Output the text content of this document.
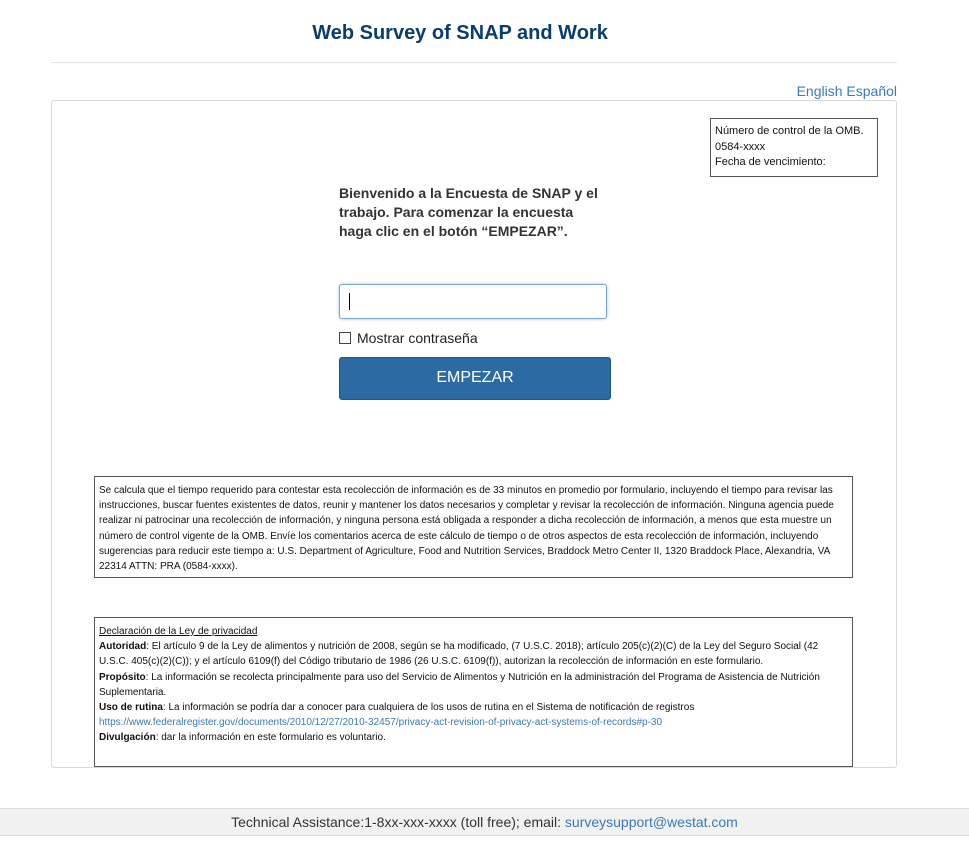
Web Survey of SNAP and Work
English Español
Número de control de la OMB.
0584-xxxx
Fecha de vencimiento:
Bienvenido a la Encuesta de SNAP y el trabajo. Para comenzar la encuesta haga clic en el botón “EMPEZAR”.
Mostrar contraseña
EMPEZAR
Se calcula que el tiempo requerido para contestar esta recolección de información es de 33 minutos en promedio por formulario, incluyendo el tiempo para revisar las instrucciones, buscar fuentes existentes de datos, reunir y mantener los datos necesarios y completar y revisar la recolección de información. Ninguna agencia puede realizar ni patrocinar una recolección de información, y ninguna persona está obligada a responder a dicha recolección de información, a menos que esta muestre un número de control vigente de la OMB. Envíe los comentarios acerca de este cálculo de tiempo o de otros aspectos de esta recolección de información, incluyendo sugerencias para reducir este tiempo a: U.S. Department of Agriculture, Food and Nutrition Services, Braddock Metro Center II, 1320 Braddock Place, Alexandria, VA 22314 ATTN: PRA (0584-xxxx).
Declaración de la Ley de privacidad
Autoridad: El artículo 9 de la Ley de alimentos y nutrición de 2008, según se ha modificado, (7 U.S.C. 2018); artículo 205(c)(2)(C) de la Ley del Seguro Social (42 U.S.C. 405(c)(2)(C)); y el artículo 6109(f) del Código tributario de 1986 (26 U.S.C. 6109(f)), autorizan la recolección de información en este formulario.
Propósito: La información se recolecta principalmente para uso del Servicio de Alimentos y Nutrición en la administración del Programa de Asistencia de Nutrición Suplementaria.
Uso de rutina: La información se podría dar a conocer para cualquiera de los usos de rutina en el Sistema de notificación de registros
https://www.federalregister.gov/documents/2010/12/27/2010-32457/privacy-act-revision-of-privacy-act-systems-of-records#p-30
Divulgación: dar la información en este formulario es voluntario.
Technical Assistance:1-8xx-xxx-xxxx (toll free); email: surveysupport@westat.com
